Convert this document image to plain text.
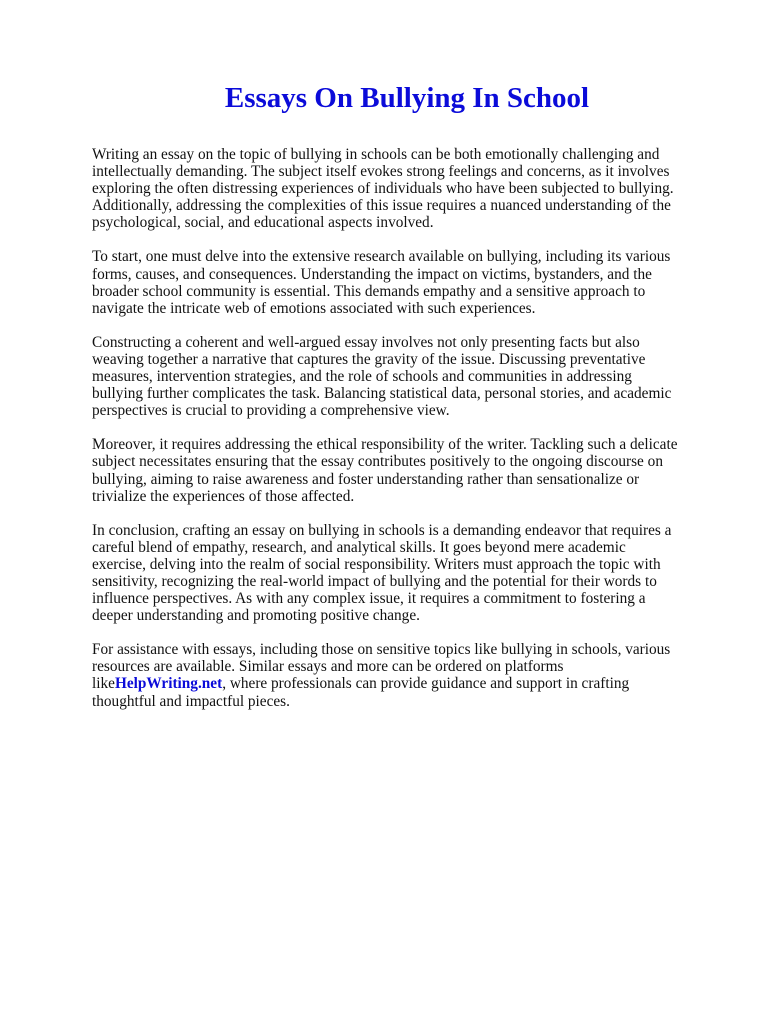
Essays On Bullying In School

Writing an essay on the topic of bullying in schools can be both emotionally challenging and intellectually demanding. The subject itself evokes strong feelings and concerns, as it involves exploring the often distressing experiences of individuals who have been subjected to bullying. Additionally, addressing the complexities of this issue requires a nuanced understanding of the psychological, social, and educational aspects involved.

To start, one must delve into the extensive research available on bullying, including its various forms, causes, and consequences. Understanding the impact on victims, bystanders, and the broader school community is essential. This demands empathy and a sensitive approach to navigate the intricate web of emotions associated with such experiences.

Constructing a coherent and well-argued essay involves not only presenting facts but also weaving together a narrative that captures the gravity of the issue. Discussing preventative measures, intervention strategies, and the role of schools and communities in addressing bullying further complicates the task. Balancing statistical data, personal stories, and academic perspectives is crucial to providing a comprehensive view.

Moreover, it requires addressing the ethical responsibility of the writer. Tackling such a delicate subject necessitates ensuring that the essay contributes positively to the ongoing discourse on bullying, aiming to raise awareness and foster understanding rather than sensationalize or trivialize the experiences of those affected.

In conclusion, crafting an essay on bullying in schools is a demanding endeavor that requires a careful blend of empathy, research, and analytical skills. It goes beyond mere academic exercise, delving into the realm of social responsibility. Writers must approach the topic with sensitivity, recognizing the real-world impact of bullying and the potential for their words to influence perspectives. As with any complex issue, it requires a commitment to fostering a deeper understanding and promoting positive change.

For assistance with essays, including those on sensitive topics like bullying in schools, various resources are available. Similar essays and more can be ordered on platforms likeHelpWriting.net, where professionals can provide guidance and support in crafting thoughtful and impactful pieces.
